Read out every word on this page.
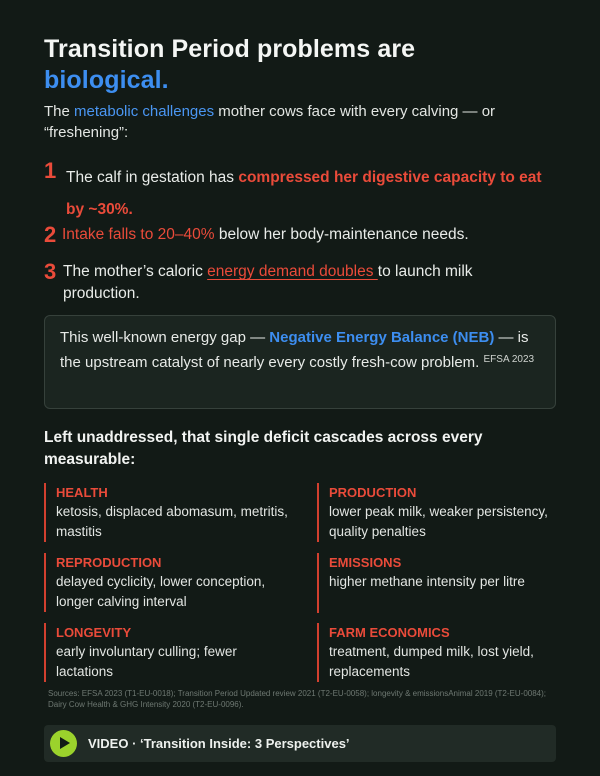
Transition Period problems are
biological.

The metabolic challenges mother cows face with every calving — or “freshening”:

1 The calf in gestation has compressed her digestive capacity to eat by ~30%.
2 Intake falls to 20–40% below her body-maintenance needs.
3 The mother’s caloric energy demand doubles to launch milk production.
This well-known energy gap — Negative Energy Balance (NEB) — is the upstream catalyst of nearly every costly fresh-cow problem. $^{EFSA 2023}$
Left unaddressed, that single deficit cascades across every measurable:
HEALTH
ketosis, displaced abomasum, metritis, mastitis
PRODUCTION
lower peak milk, weaker persistency, quality penalties
REPRODUCTION
delayed cyclicity, lower conception, longer calving interval
EMISSIONS
higher methane intensity per litre
LONGEVITY
early involuntary culling; fewer lactations
FARM ECONOMICS
treatment, dumped milk, lost yield, replacements

Sources: EFSA 2023 (T1-EU-0018); Transition Period Updated review 2021 (T2-EU-0058); longevity & emissionsAnimal 2019 (T2-EU-0084); Dairy Cow Health & GHG Intensity 2020 (T2-EU-0096).

VIDEO · ‘Transition Inside: 3 Perspectives’
